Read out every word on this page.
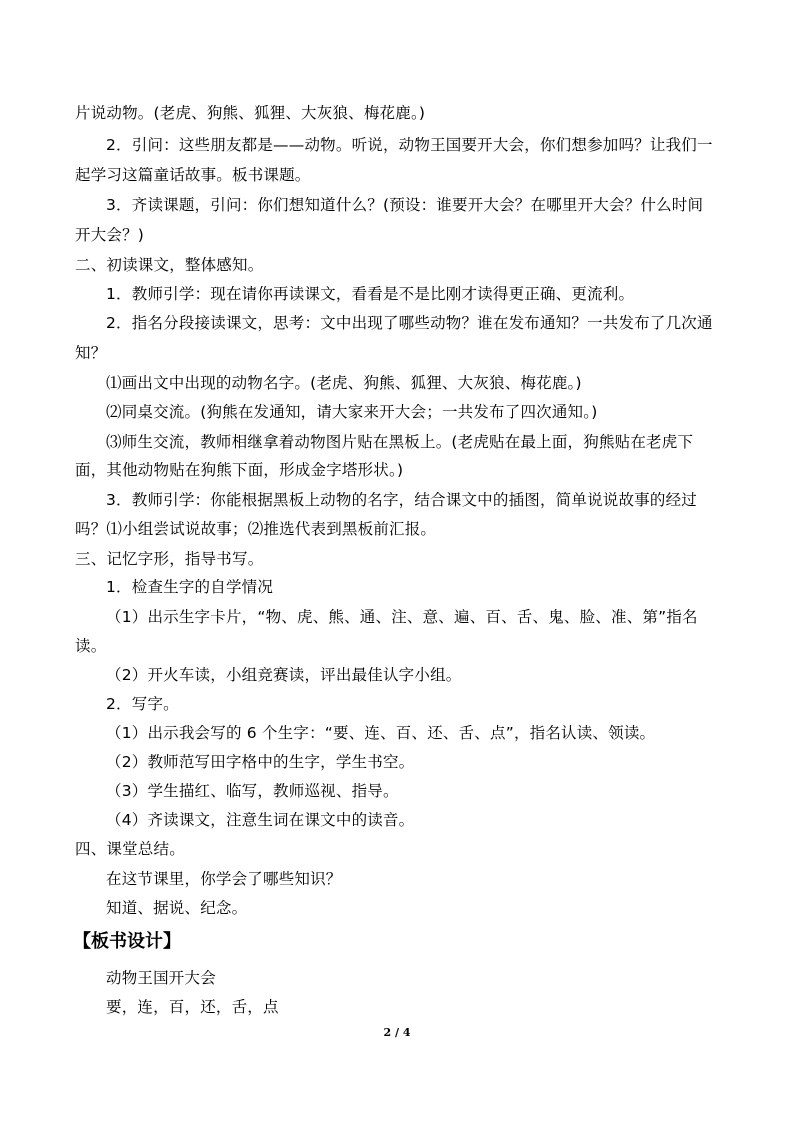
片说动物。(老虎、狗熊、狐狸、大灰狼、梅花鹿。)
2．引问：这些朋友都是——动物。听说，动物王国要开大会，你们想参加吗？让我们一
起学习这篇童话故事。板书课题。
3．齐读课题，引问：你们想知道什么？(预设：谁要开大会？在哪里开大会？什么时间
开大会？)
二、初读课文，整体感知。
1．教师引学：现在请你再读课文，看看是不是比刚才读得更正确、更流利。
2．指名分段接读课文，思考：文中出现了哪些动物？谁在发布通知？一共发布了几次通
知？
⑴画出文中出现的动物名字。(老虎、狗熊、狐狸、大灰狼、梅花鹿。)
⑵同桌交流。(狗熊在发通知，请大家来开大会；一共发布了四次通知。)
⑶师生交流，教师相继拿着动物图片贴在黑板上。(老虎贴在最上面，狗熊贴在老虎下
面，其他动物贴在狗熊下面，形成金字塔形状。)
3．教师引学：你能根据黑板上动物的名字，结合课文中的插图，简单说说故事的经过
吗？⑴小组尝试说故事；⑵推选代表到黑板前汇报。
三、记忆字形，指导书写。
1．检查生字的自学情况
（1）出示生字卡片，“物、虎、熊、通、注、意、遍、百、舌、鬼、脸、准、第”指名
读。
（2）开火车读，小组竞赛读，评出最佳认字小组。
2．写字。
（1）出示我会写的 6 个生字：“要、连、百、还、舌、点”，指名认读、领读。
（2）教师范写田字格中的生字，学生书空。
（3）学生描红、临写，教师巡视、指导。
（4）齐读课文，注意生词在课文中的读音。
四、课堂总结。
在这节课里，你学会了哪些知识？
知道、据说、纪念。
【板书设计】
动物王国开大会
要，连，百，还，舌，点
2 / 4
